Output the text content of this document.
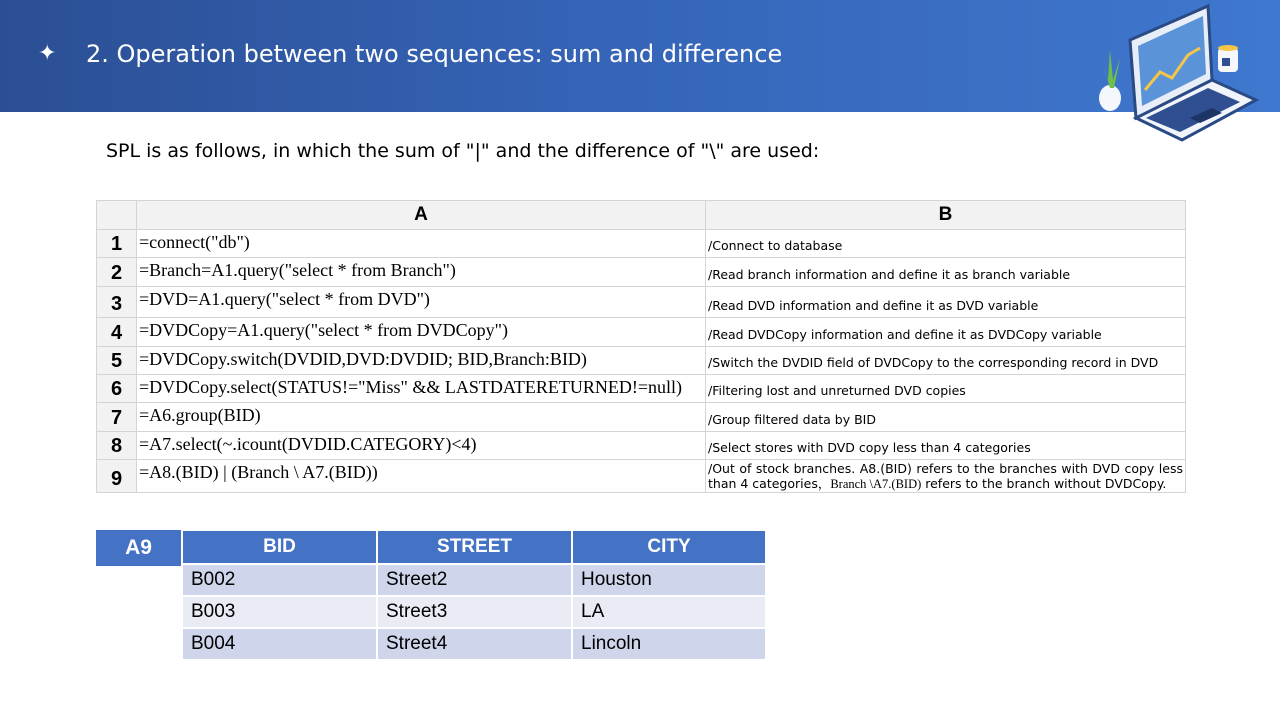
✦ 2. Operation between two sequences: sum and difference
SPL is as follows, in which the sum of "|" and the difference of "\" are used:
	A	B
1	=connect("db")	/Connect to database
2	=Branch=A1.query("select * from Branch")	/Read branch information and define it as branch variable
3	=DVD=A1.query("select * from DVD")	/Read DVD information and define it as DVD variable
4	=DVDCopy=A1.query("select * from DVDCopy")	/Read DVDCopy information and define it as DVDCopy variable
5	=DVDCopy.switch(DVDID,DVD:DVDID; BID,Branch:BID)	/Switch the DVDID field of DVDCopy to the corresponding record in DVD
6	=DVDCopy.select(STATUS!="Miss" && LASTDATERETURNED!=null)	/Filtering lost and unreturned DVD copies
7	=A6.group(BID)	/Group filtered data by BID
8	=A7.select(~.icount(DVDID.CATEGORY)<4)	/Select stores with DVD copy less than 4 categories
9	=A8.(BID) | (Branch \ A7.(BID))	/Out of stock branches. A8.(BID) refers to the branches with DVD copy less than 4 categories，Branch \A7.(BID) refers to the branch without DVDCopy.
A9	BID	STREET	CITY
B002	Street2	Houston
B003	Street3	LA
B004	Street4	Lincoln
